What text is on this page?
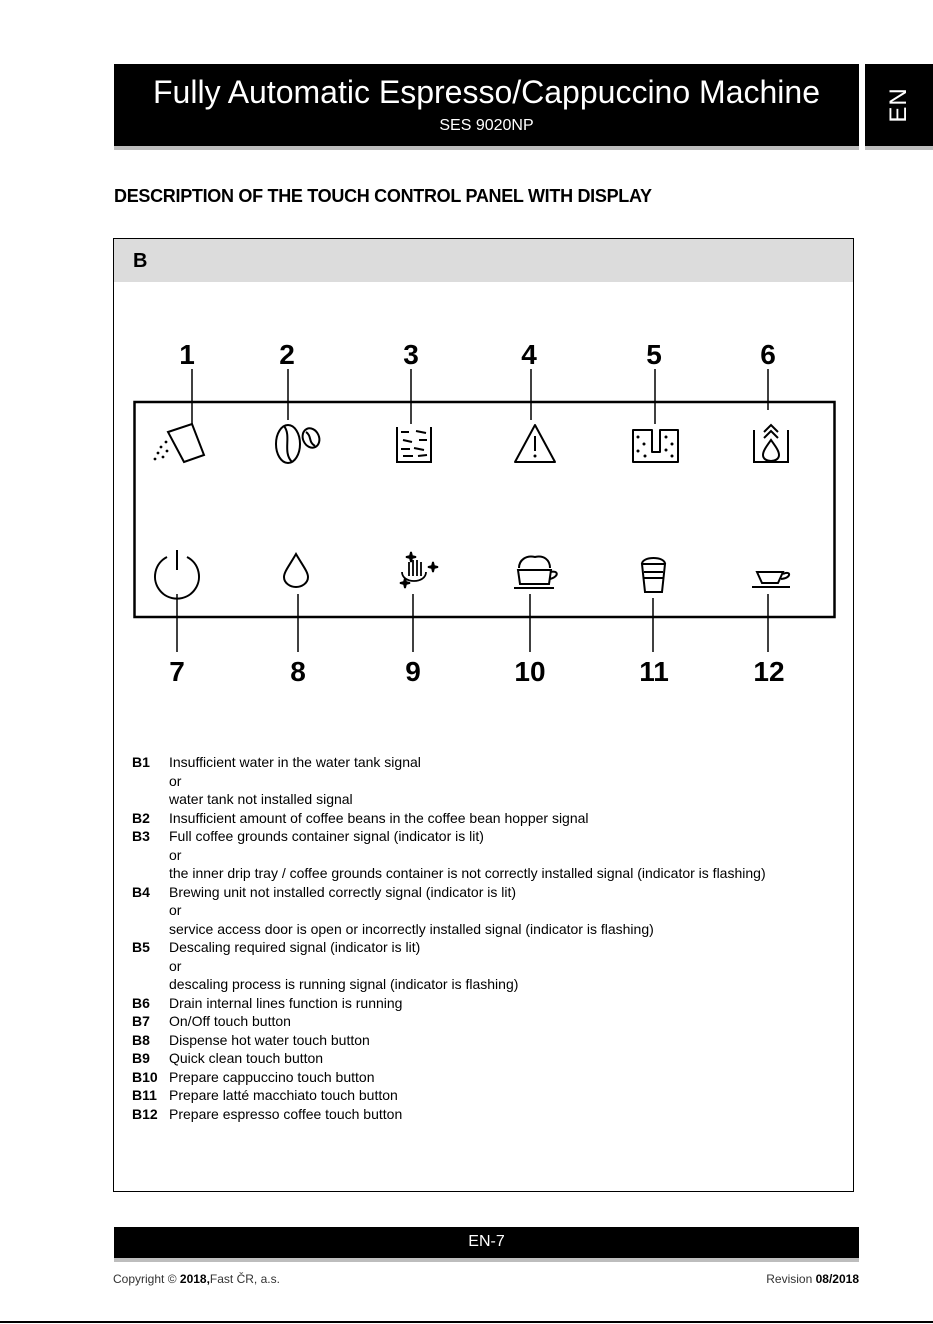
Fully Automatic Espresso/Cappuccino Machine
SES 9020NP
EN
DESCRIPTION OF THE TOUCH CONTROL PANEL WITH DISPLAY
B
1	2	3	4	5	6
7	8	9	10	11	12
B1 Insufficient water in the water tank signal
or
water tank not installed signal
B2 Insufficient amount of coffee beans in the coffee bean hopper signal
B3 Full coffee grounds container signal (indicator is lit)
or
the inner drip tray / coffee grounds container is not correctly installed signal (indicator is flashing)
B4 Brewing unit not installed correctly signal (indicator is lit)
or
service access door is open or incorrectly installed signal (indicator is flashing)
B5 Descaling required signal (indicator is lit)
or
descaling process is running signal (indicator is flashing)
B6 Drain internal lines function is running
B7 On/Off touch button
B8 Dispense hot water touch button
B9 Quick clean touch button
B10 Prepare cappuccino touch button
B11 Prepare latté macchiato touch button
B12 Prepare espresso coffee touch button
EN-7
Copyright © 2018,Fast ČR, a.s.	Revision 08/2018
